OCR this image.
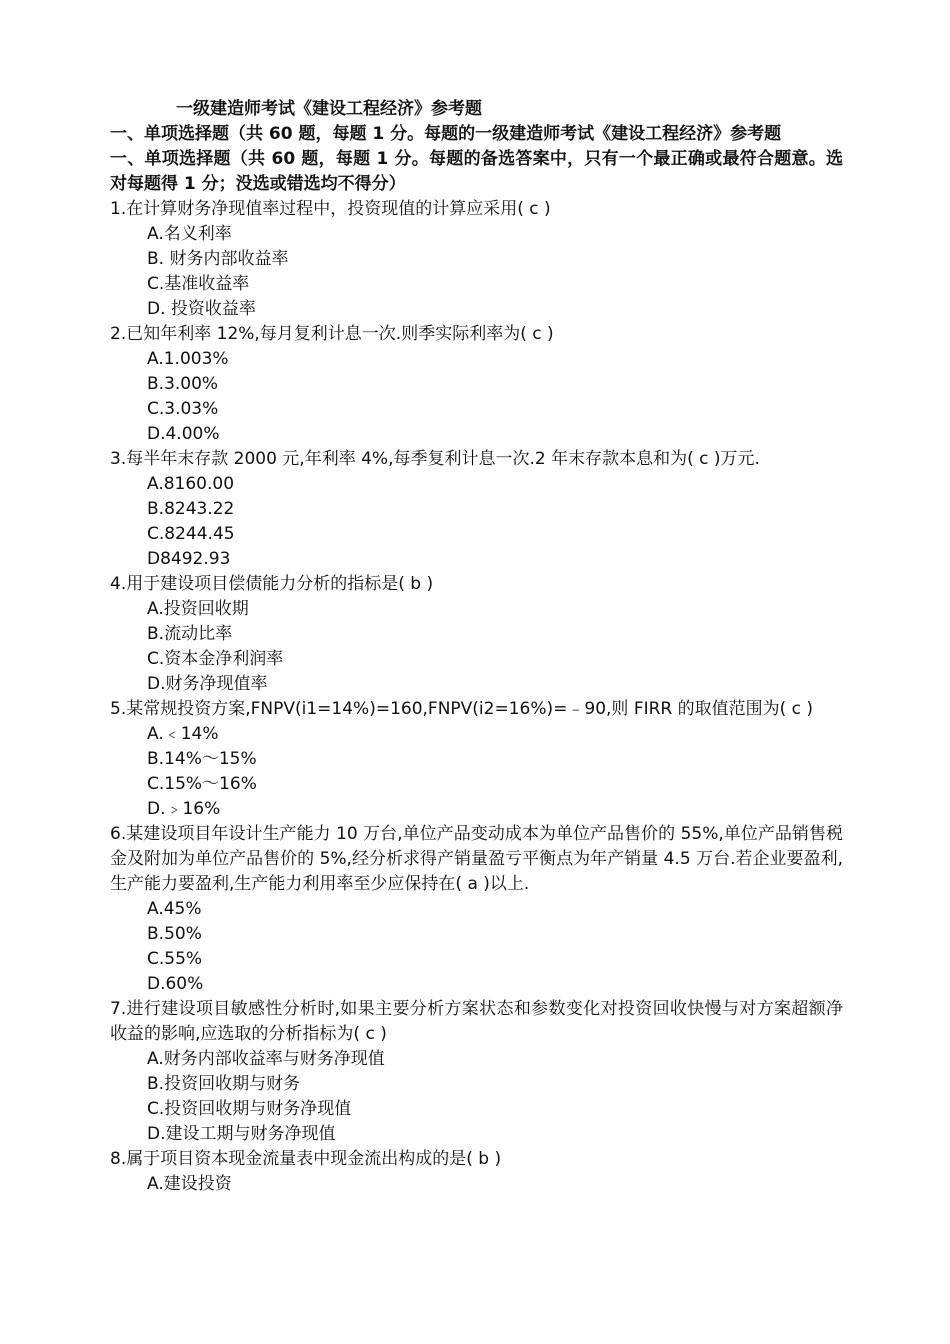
一级建造师考试《建设工程经济》参考题
一、单项选择题（共 60 题，每题 1 分。每题的一级建造师考试《建设工程经济》参考题
一、单项选择题（共 60 题，每题 1 分。每题的备选答案中，只有一个最正确或最符合题意。选对每题得 1 分；没选或错选均不得分）
1.在计算财务净现值率过程中，投资现值的计算应采用( c )
A.名义利率
B. 财务内部收益率
C.基准收益率
D. 投资收益率
2.已知年利率 12%,每月复利计息一次.则季实际利率为( c )
A.1.003%
B.3.00%
C.3.03%
D.4.00%
3.每半年末存款 2000 元,年利率 4%,每季复利计息一次.2 年末存款本息和为( c )万元.
A.8160.00
B.8243.22
C.8244.45
D8492.93
4.用于建设项目偿债能力分析的指标是( b )
A.投资回收期
B.流动比率
C.资本金净利润率
D.财务净现值率
5.某常规投资方案,FNPV(i1=14%)=160,FNPV(i2=16%)=﹣90,则 FIRR 的取值范围为( c )
A.﹤14%
B.14%～15%
C.15%～16%
D.﹥16%
6.某建设项目年设计生产能力 10 万台,单位产品变动成本为单位产品售价的 55%,单位产品销售税金及附加为单位产品售价的 5%,经分析求得产销量盈亏平衡点为年产销量 4.5 万台.若企业要盈利,生产能力要盈利,生产能力利用率至少应保持在( a )以上.
A.45%
B.50%
C.55%
D.60%
7.进行建设项目敏感性分析时,如果主要分析方案状态和参数变化对投资回收快慢与对方案超额净收益的影响,应选取的分析指标为( c )
A.财务内部收益率与财务净现值
B.投资回收期与财务
C.投资回收期与财务净现值
D.建设工期与财务净现值
8.属于项目资本现金流量表中现金流出构成的是( b )
A.建设投资
